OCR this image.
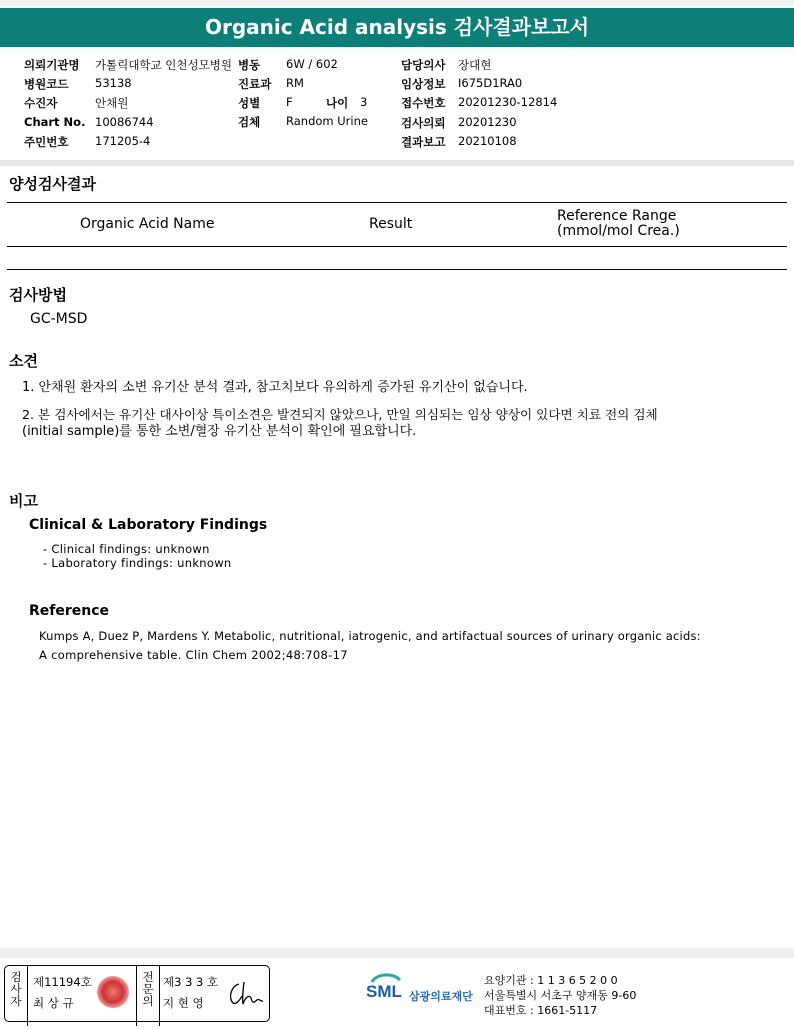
Organic Acid analysis 검사결과보고서
의뢰기관명 가톨릭대학교 인천성모병원 병동 6W / 602	담당의사 장대현
병원코드 53138	진료과 RM	임상정보 I675D1RA0
수진자	안채원	성별 F	나이 3	접수번호 20201230-12814
Chart No. 10086744	검체 Random Urine	검사의뢰 20201230
주민번호 171205-4	결과보고 20210108
양성검사결과
Organic Acid Name	Result	Reference Range
(mmol/mol Crea.)
검사방법
GC-MSD
소견
1. 안채원 환자의 소변 유기산 분석 결과, 참고치보다 유의하게 증가된 유기산이 없습니다.
2. 본 검사에서는 유기산 대사이상 특이소견은 발견되지 않았으나, 만일 의심되는 임상 양상이 있다면 치료 전의 검체
(initial sample)를 통한 소변/혈장 유기산 분석이 확인에 필요합니다.
비고
Clinical & Laboratory Findings
- Clinical findings: unknown
- Laboratory findings: unknown
Reference
Kumps A, Duez P, Mardens Y. Metabolic, nutritional, iatrogenic, and artifactual sources of urinary organic acids:
A comprehensive table. Clin Chem 2002;48:708-17
검사자
제11194호
최 상 규
전문의
제3 3 3 호
지 현 영
SML 삼광의료재단
요양기관 : 1 1 3 6 5 2 0 0
서울특별시 서초구 양재동 9-60
대표번호 : 1661-5117
